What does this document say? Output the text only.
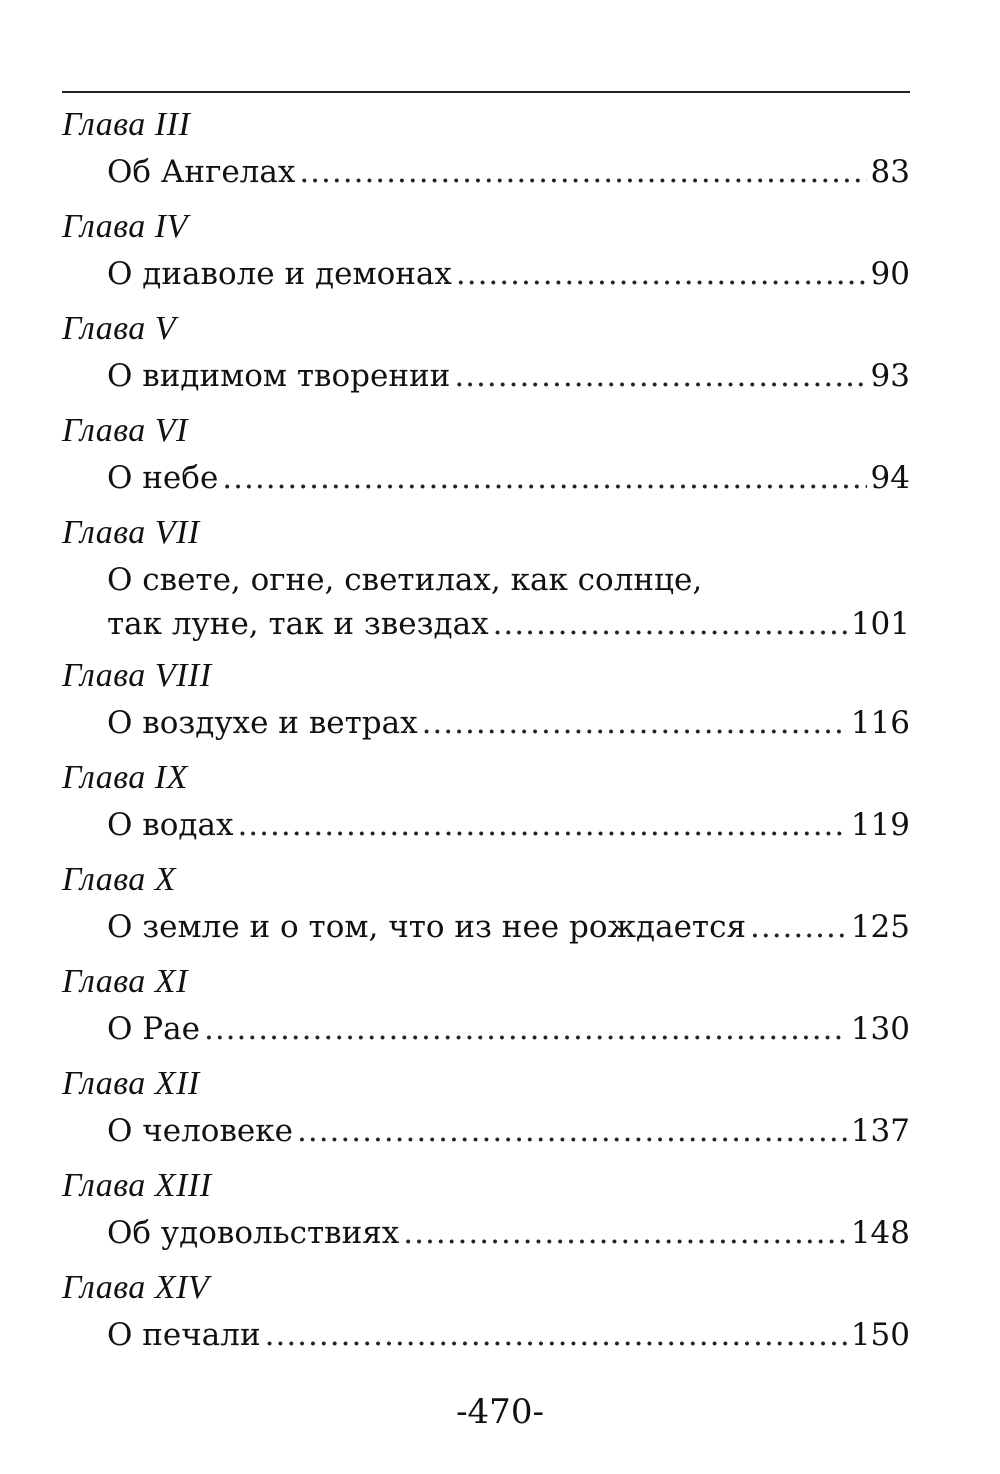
Глава III
Об Ангелах .....	83
Глава IV
О диаволе и демонах .....	90
Глава V
О видимом творении .....	93
Глава VI
О небе .....	94
Глава VII
О свете, огне, светилах, как солнце,
так луне, так и звездах .....	101
Глава VIII
О воздухе и ветрах .....	116
Глава IX
О водах .....	119
Глава X
О земле и о том, что из нее рождается .....	125
Глава XI
О Рае .....	130
Глава XII
О человеке .....	137
Глава XIII
Об удовольствиях .....	148
Глава XIV
О печали .....	150
-470-
